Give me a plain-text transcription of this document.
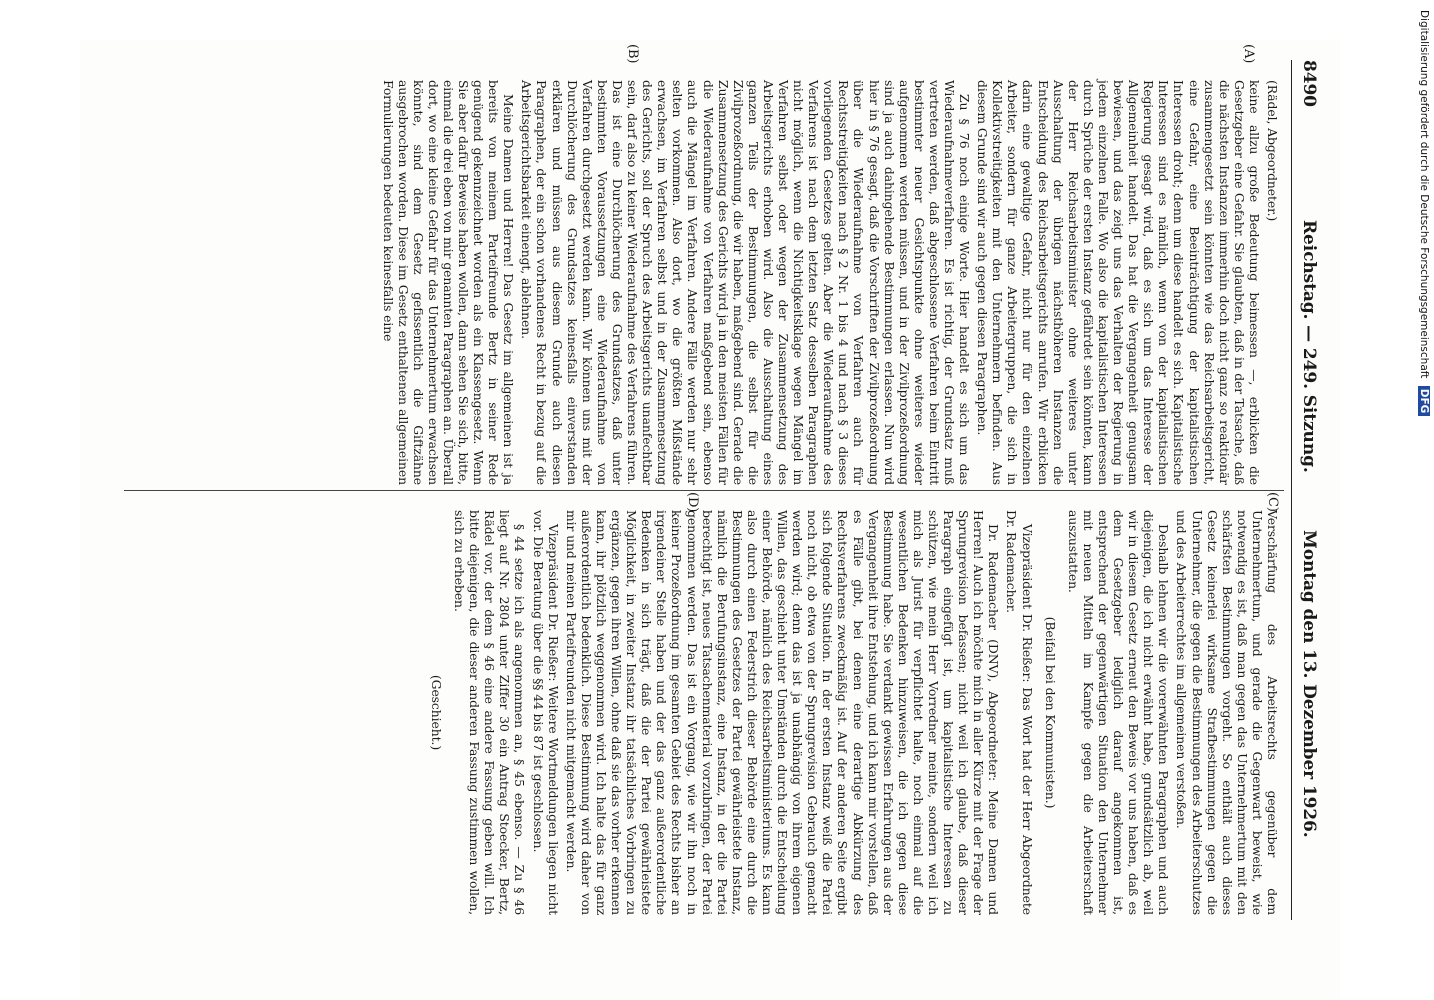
8490
Reichstag. — 249. Sitzung.
Montag den 13. Dezember 1926.
(A)
(B)
(C)
(D)

(Rädel, Abgeordneter.)

keine allzu große Bedeutung beimessen —, erblicken die Gesetzgeber eine Gefahr. Sie glaubten, daß in der Tatsache, daß die nächsten Instanzen immerhin doch nicht ganz so reaktionär zusammengesetzt sein könnten wie das Reichsarbeitsgericht, eine Gefahr, eine Beeinträchtigung der kapitalistischen Interessen droht; denn um diese handelt es sich. Kapitalistische Interessen sind es nämlich, wenn von der kapitalistischen Regierung gesagt wird, daß es sich um das Interesse der Allgemeinheit handelt. Das hat die Vergangenheit genugsam bewiesen, und das zeigt uns das Verhalten der Regierung in jedem einzelnen Falle. Wo also die kapitalistischen Interessen durch Sprüche der ersten Instanz gefährdet sein könnten, kann der Herr Reichsarbeitsminister ohne weiteres unter Ausschaltung der übrigen nächsthöheren Instanzen die Entscheidung des Reichsarbeitsgerichts anrufen. Wir erblicken darin eine gewaltige Gefahr, nicht nur für den einzelnen Arbeiter, sondern für ganze Arbeitergruppen, die sich in Kollektivstreitigkeiten mit den Unternehmern befinden. Aus diesem Grunde sind wir auch gegen diesen Paragraphen.

Zu § 76 noch einige Worte. Hier handelt es sich um das Wiederaufnahmeverfahren. Es ist richtig, der Grundsatz muß vertreten werden, daß abgeschlossene Verfahren beim Eintritt bestimmter neuer Gesichtspunkte ohne weiteres wieder aufgenommen werden müssen, und in der Zivilprozeßordnung sind ja auch dahingehende Bestimmungen erlassen. Nun wird hier in § 76 gesagt, daß die Vorschriften der Zivilprozeßordnung über die Wiederaufnahme von Verfahren auch für Rechtsstreitigkeiten nach § 2 Nr. 1 bis 4 und nach § 3 dieses vorliegenden Gesetzes gelten. Aber die Wiederaufnahme des Verfahrens ist nach dem letzten Satz desselben Paragraphen nicht möglich, wenn die Nichtigkeitsklage wegen Mängel im Verfahren selbst oder wegen der Zusammensetzung des Arbeitsgerichts erhoben wird. Also die Ausschaltung eines ganzen Teils der Bestimmungen, die selbst für die Zivilprozeßordnung, die wir haben, maßgebend sind. Gerade die Zusammensetzung des Gerichts wird ja in den meisten Fällen für die Wiederaufnahme von Verfahren maßgebend sein, ebenso auch die Mängel im Verfahren. Andere Fälle werden nur sehr selten vorkommen. Also dort, wo die größten Mißstände erwachsen, im Verfahren selbst und in der Zusammensetzung des Gerichts, soll der Spruch des Arbeitsgerichts unanfechtbar sein, darf also zu keiner Wiederaufnahme des Verfahrens führen. Das ist eine Durchlöcherung des Grundsatzes, daß unter bestimmten Voraussetzungen eine Wiederaufnahme von Verfahren durchgesetzt werden kann. Wir können uns mit der Durchlöcherung des Grundsatzes keinesfalls einverstanden erklären und müssen aus diesem Grunde auch diesen Paragraphen, der ein schon vorhandenes Recht in bezug auf die Arbeitsgerichtsbarkeit einengt, ablehnen.

Meine Damen und Herren! Das Gesetz im allgemeinen ist ja bereits von meinem Parteifreunde Bertz in seiner Rede genügend gekennzeichnet worden als ein Klassengesetz. Wenn Sie aber dafür Beweise haben wollen, dann sehen Sie sich, bitte, einmal die drei eben von mir genannten Paragraphen an. Überall dort, wo eine kleine Gefahr für das Unternehmertum erwachsen könnte, sind dem Gesetz gefissentlich die Giftzähne ausgebrochen worden. Diese im Gesetz enthaltenen allgemeinen Formulierungen bedeuten keinesfalls eine

Verschärfung des Arbeitsrechts gegenüber dem Unternehmertum, und gerade die Gegenwart beweist, wie notwendig es ist, daß man gegen das Unternehmertum mit den schärfsten Bestimmungen vorgeht. So enthält auch dieses Gesetz keinerlei wirksame Strafbestimmungen gegen die Unternehmer, die gegen die Bestimmungen des Arbeiterschutzes und des Arbeiterrechtes im allgemeinen verstoßen.

Deshalb lehnen wir die vorerwähnten Paragraphen und auch diejenigen, die ich nicht erwähnt habe, grundsätzlich ab, weil wir in diesem Gesetz erneut den Beweis vor uns haben, daß es dem Gesetzgeber lediglich darauf angekommen ist, entsprechend der gegenwärtigen Situation den Unternehmer mit neuen Mitteln im Kampfe gegen die Arbeiterschaft auszustatten.

(Beifall bei den Kommunisten.)

Vizepräsident Dr. Rießer: Das Wort hat der Herr Abgeordnete Dr. Rademacher.

Dr. Rademacher (DNV), Abgeordneter: Meine Damen und Herren! Auch ich möchte mich in aller Kürze mit der Frage der Sprungrevision befassen; nicht weil ich glaube, daß dieser Paragraph eingefügt ist, um kapitalistische Interessen zu schützen, wie mein Herr Vorredner meinte, sondern weil ich mich als Jurist für verpflichtet halte, noch einmal auf die wesentlichen Bedenken hinzuweisen, die ich gegen diese Bestimmung habe. Sie verdankt gewissen Erfahrungen aus der Vergangenheit ihre Entstehung, und ich kann mir vorstellen, daß es Fälle gibt, bei denen eine derartige Abkürzung des Rechtsverfahrens zweckmäßig ist. Auf der anderen Seite ergibt sich folgende Situation. In der ersten Instanz weiß die Partei noch nicht, ob etwa von der Sprungrevision Gebrauch gemacht werden wird; denn das ist ja unabhängig von ihrem eigenen Willen, das geschieht unter Umständen durch die Entscheidung einer Behörde, nämlich des Reichsarbeitsministeriums. Es kann also durch einen Federstrich dieser Behörde eine durch die Bestimmungen des Gesetzes der Partei gewährleistete Instanz, nämlich die Berufungsinstanz, eine Instanz, in der die Partei berechtigt ist, neues Tatsachenmaterial vorzubringen, der Partei genommen werden. Das ist ein Vorgang, wie wir ihn noch in keiner Prozeßordnung im gesamten Gebiet des Rechts bisher an irgendeiner Stelle haben und der das ganz außerordentliche Bedenken in sich trägt, daß die der Partei gewährleistete Möglichkeit, in zweiter Instanz ihr tatsächliches Vorbringen zu ergänzen, gegen ihren Willen, ohne daß sie das vorher erkennen kann, ihr plötzlich weggenommen wird. Ich halte das für ganz außerordentlich bedenklich. Diese Bestimmung wird daher von mir und meinen Parteifreunden nicht mitgemacht werden.

Vizepräsident Dr. Rießer: Weitere Wortmeldungen liegen nicht vor. Die Beratung über die §§ 44 bis 87 ist geschlossen.

§ 44 setze ich als angenommen an, § 45 ebenso. — Zu § 46 liegt auf Nr. 2804 unter Ziffer 30 ein Antrag Stoecker, Bertz, Rädel vor, der dem § 46 eine andere Fassung geben will. Ich bitte diejenigen, die dieser anderen Fassung zustimmen wollen, sich zu erheben.

(Geschieht.)

Digitalisierung gefördert durch die Deutsche Forschungsgemeinschaft DFG
